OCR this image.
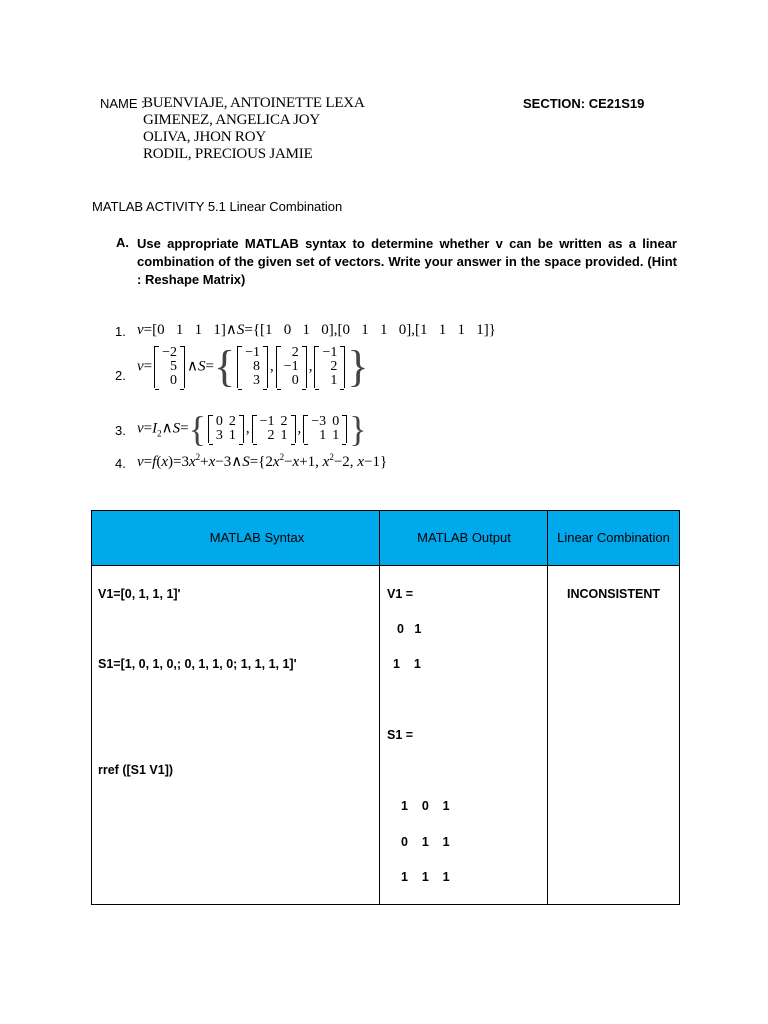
NAME :
BUENVIAJE, ANTOINETTE LEXA
GIMENEZ, ANGELICA JOY
OLIVA, JHON ROY
RODIL, PRECIOUS JAMIE
SECTION: CE21S19
MATLAB ACTIVITY 5.1 Linear Combination
A. Use appropriate MATLAB syntax to determine whether v can be written as a linear combination of the given set of vectors. Write your answer in the space provided. (Hint : Reshape Matrix)
1. v=[0   1   1   1]∧S={[1   0   1   0],[0   1   1   0],[1   1   1   1]}
2.
v=
−2
5
0
∧S={ −1
8
3
,
2
−1
0
,
−1
2
1 }
3. $v=I_2\wedge S=${ 0	2
3	1 , −1	2
2	1 , −3	0
1	1 }
4. $v=f(x)=3x^2+x-3\wedge S=\{2x^2-x+1$, $x^2-2$, x−1}
MATLAB Syntax	MATLAB Output	Linear Combination
V1=[0, 1, 1, 1]'
S1=[1, 0, 1, 0,; 0, 1, 1, 0; 1, 1, 1, 1]'
rref ([S1 V1])
V1 =
0   1
1    1
S1 =
1    0    1
0    1    1
1    1    1
INCONSISTENT
